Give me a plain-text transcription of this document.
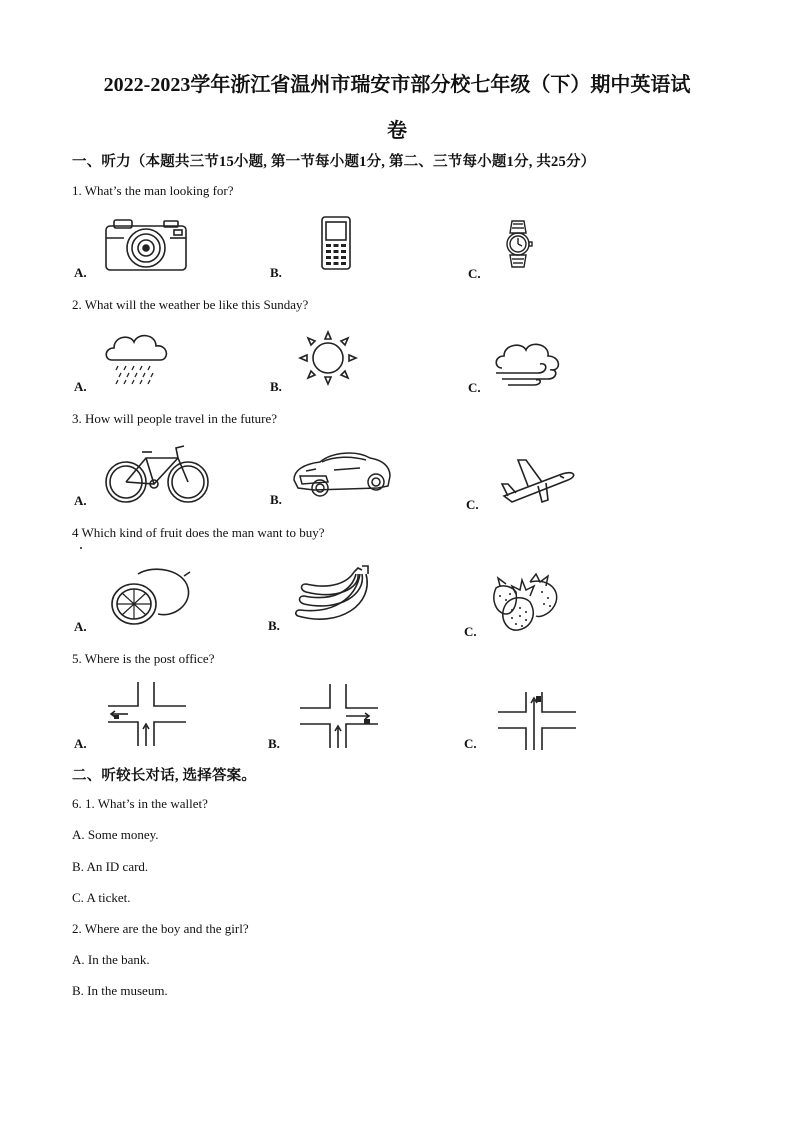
2022-2023学年浙江省温州市瑞安市部分校七年级（下）期中英语试
卷
一、听力（本题共三节15小题, 第一节每小题1分, 第二、三节每小题1分, 共25分）
1. What’s the man looking for?
A.	B.	C.
2. What will the weather be like this Sunday?
A.	B.	C.
3. How will people travel in the future?
A.	B.	C.
4 Which kind of fruit does the man want to buy?
A.	B.	C.
5. Where is the post office?
A.	B.	C.
二、听较长对话, 选择答案。
6. 1. What’s in the wallet?
A. Some money.
B. An ID card.
C. A ticket.
2. Where are the boy and the girl?
A. In the bank.
B. In the museum.
